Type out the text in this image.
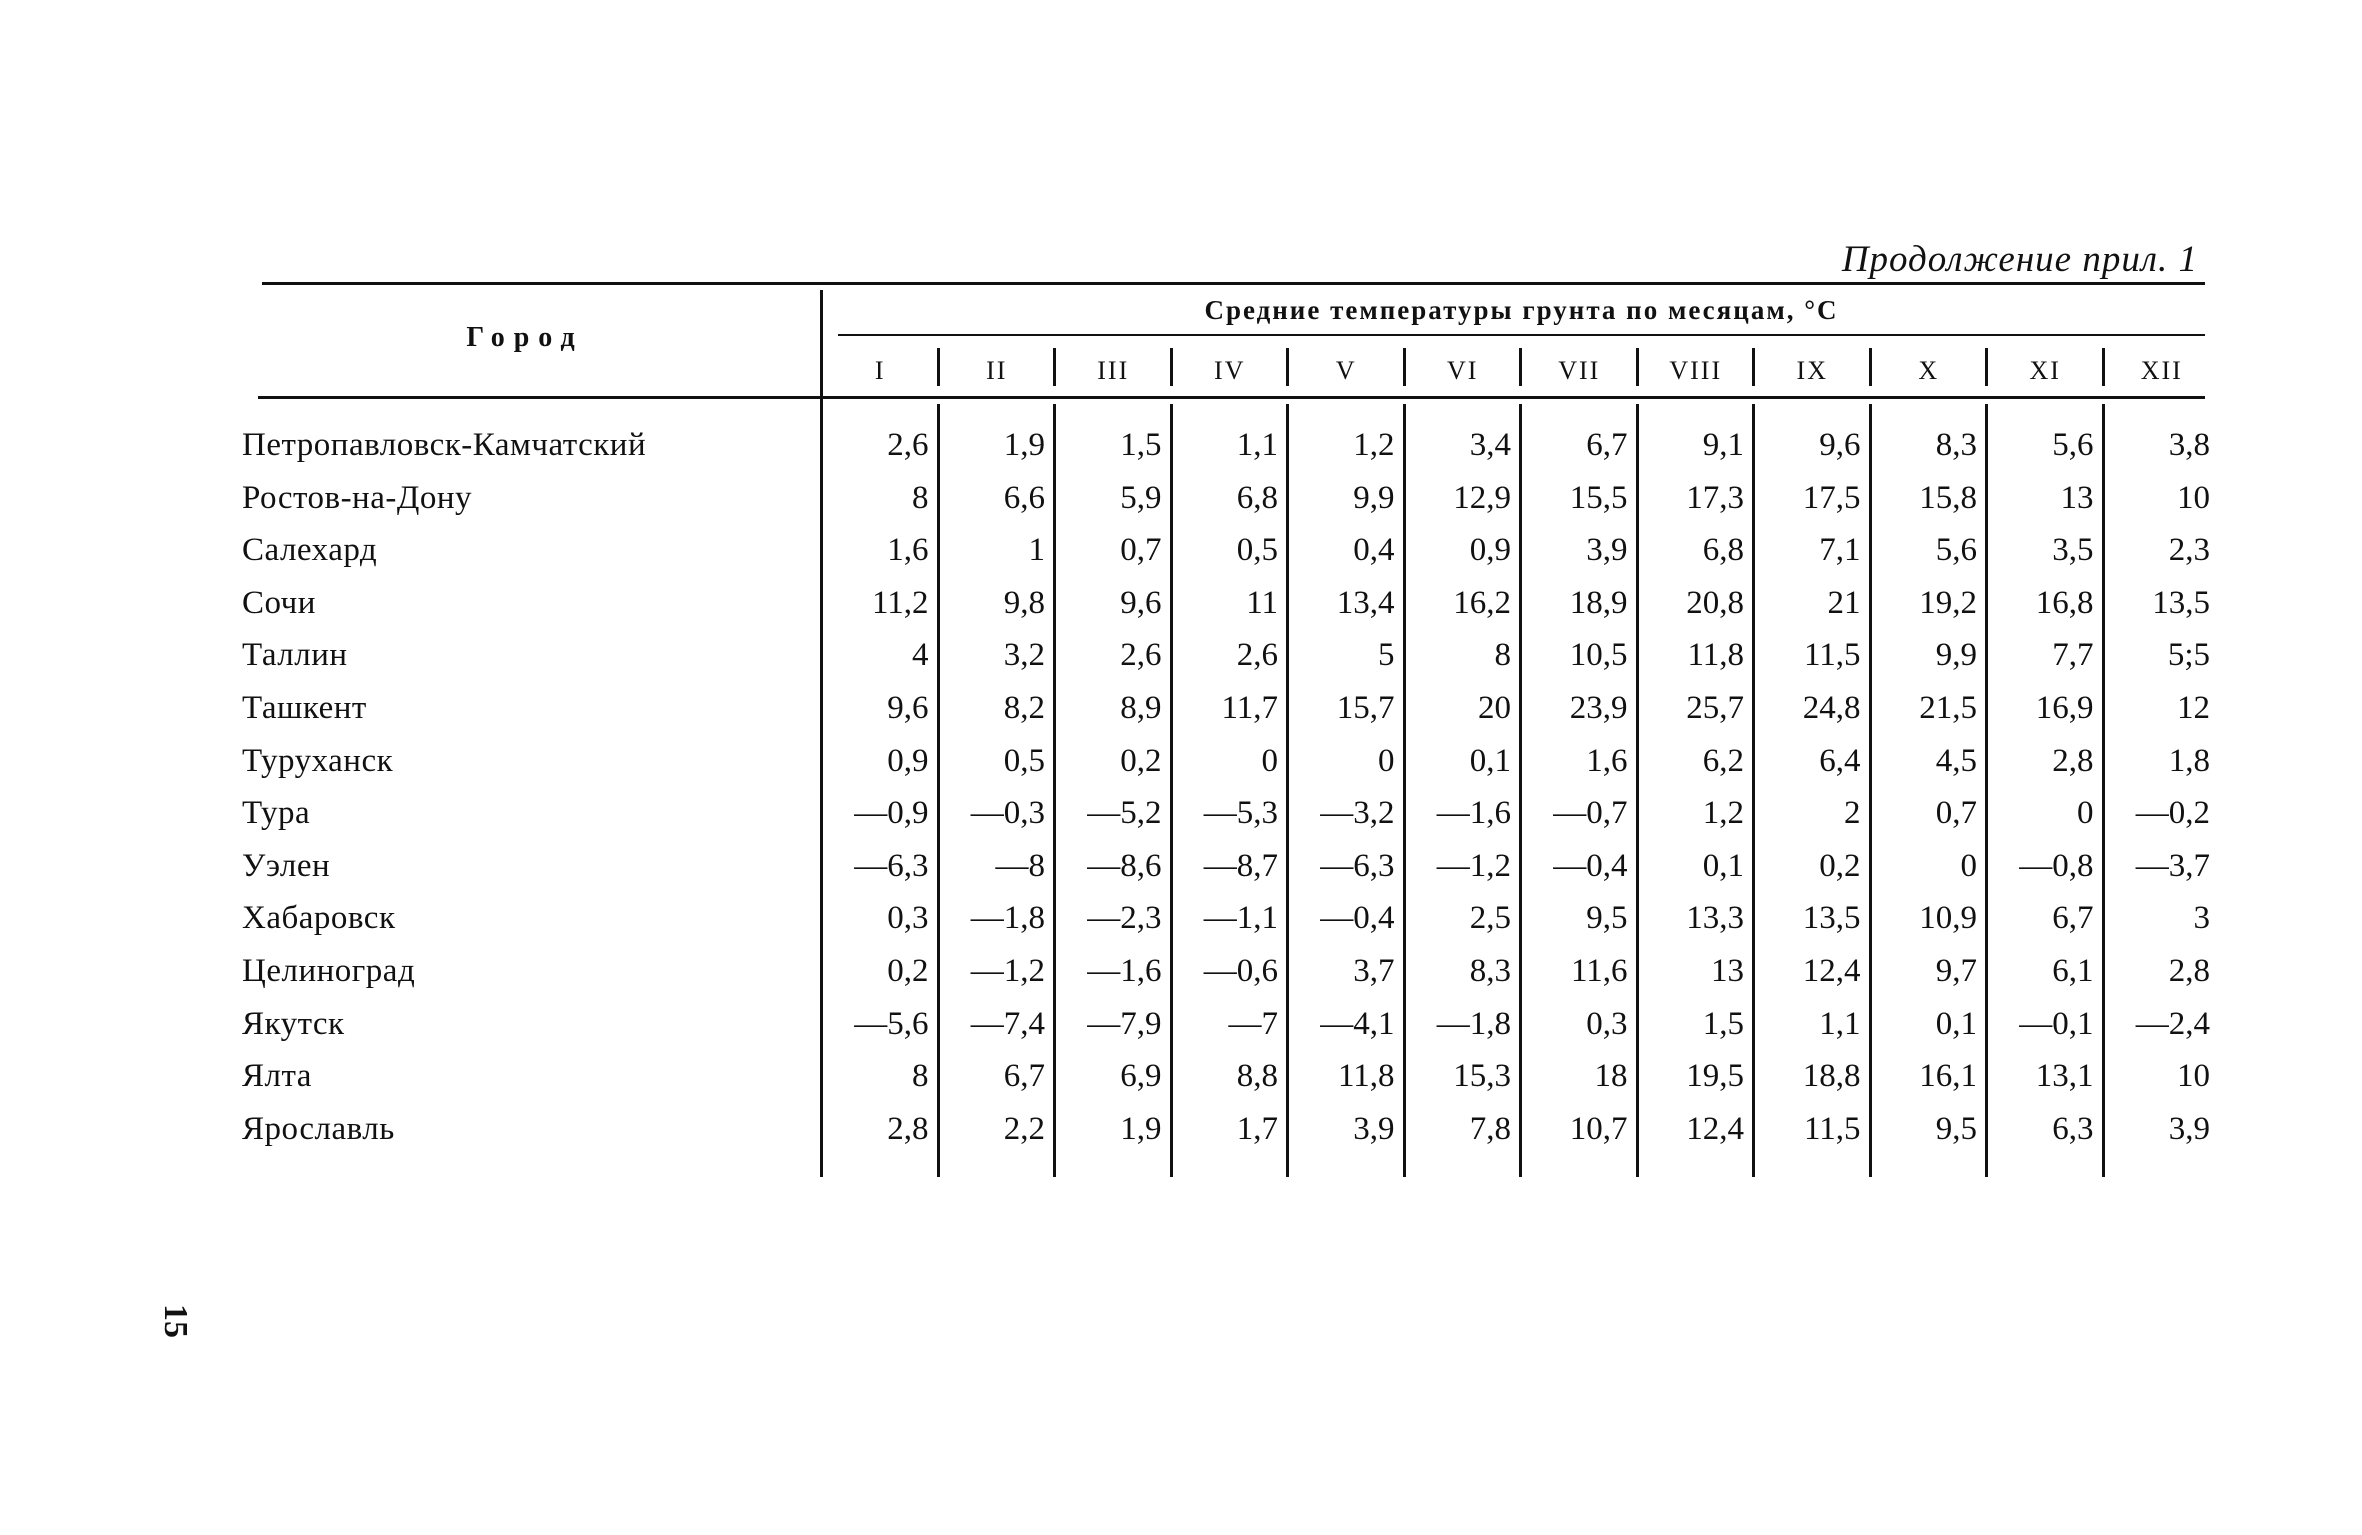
Продолжение прил. 1
Город
Средние температуры грунта по месяцам, °С
I	II	III	IV	V	VI	VII	VIII	IX	X	XI	XII
Петропавловск-Камчатский	2,6	1,9	1,5	1,1	1,2	3,4	6,7	9,1	9,6	8,3	5,6	3,8
Ростов-на-Дону	8	6,6	5,9	6,8	9,9	12,9	15,5	17,3	17,5	15,8	13	10
Салехард	1,6	1	0,7	0,5	0,4	0,9	3,9	6,8	7,1	5,6	3,5	2,3
Сочи	11,2	9,8	9,6	11	13,4	16,2	18,9	20,8	21	19,2	16,8	13,5
Таллин	4	3,2	2,6	2,6	5	8	10,5	11,8	11,5	9,9	7,7	5;5
Ташкент	9,6	8,2	8,9	11,7	15,7	20	23,9	25,7	24,8	21,5	16,9	12
Туруханск	0,9	0,5	0,2	0	0	0,1	1,6	6,2	6,4	4,5	2,8	1,8
Тура	—0,9	—0,3	—5,2	—5,3	—3,2	—1,6	—0,7	1,2	2	0,7	0	—0,2
Уэлен	—6,3	—8	—8,6	—8,7	—6,3	—1,2	—0,4	0,1	0,2	0	—0,8	—3,7
Хабаровск	0,3	—1,8	—2,3	—1,1	—0,4	2,5	9,5	13,3	13,5	10,9	6,7	3
Целиноград	0,2	—1,2	—1,6	—0,6	3,7	8,3	11,6	13	12,4	9,7	6,1	2,8
Якутск	—5,6	—7,4	—7,9	—7	—4,1	—1,8	0,3	1,5	1,1	0,1	—0,1	—2,4
Ялта	8	6,7	6,9	8,8	11,8	15,3	18	19,5	18,8	16,1	13,1	10
Ярославль	2,8	2,2	1,9	1,7	3,9	7,8	10,7	12,4	11,5	9,5	6,3	3,9
15
